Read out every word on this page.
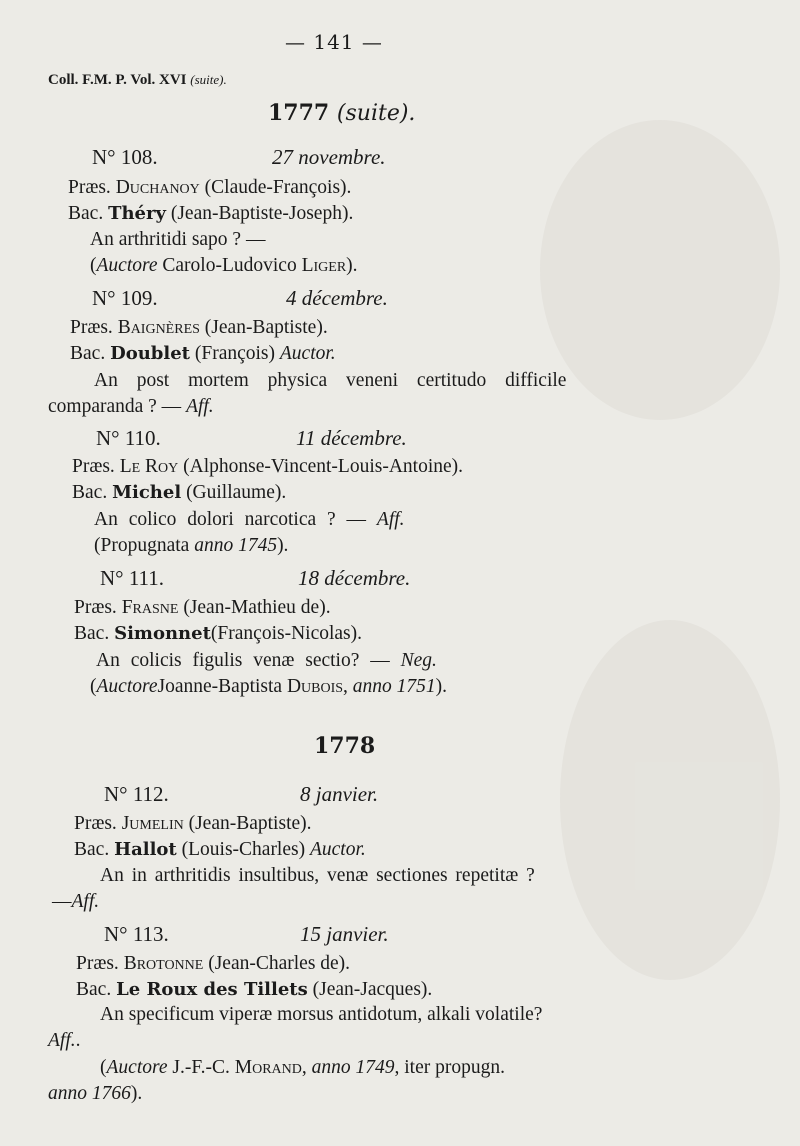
— 141 —
Coll. F.M. P. Vol. XVI (suite).
1777 (suite).
N° 108.	27 novembre.
Præs. Duchanoy (Claude-François).
Bac. Théry (Jean-Baptiste-Joseph).
An arthritidi sapo ? —
(Auctore Carolo-Ludovico Liger).
N° 109.	4 décembre.
Præs. Baignères (Jean-Baptiste).
Bac. Doublet (François) Auctor.
An post mortem physica veneni certitudo difficile
comparanda ? — Aff.
N° 110.	11 décembre.
Præs. Le Roy (Alphonse-Vincent-Louis-Antoine).
Bac. Michel (Guillaume).
An colico dolori narcotica ? — Aff.
(Propugnata anno 1745).
N° 111.	18 décembre.
Præs. Frasne (Jean-Mathieu de).
Bac. Simonnet(François-Nicolas).
An colicis figulis venæ sectio? — Neg.
(AuctoreJoanne-Baptista Dubois, anno 1751).
1778
N° 112.	8 janvier.
Præs. Jumelin (Jean-Baptiste).
Bac. Hallot (Louis-Charles) Auctor.
An in arthritidis insultibus, venæ sectiones repetitæ ?
—Aff.
N° 113.	15 janvier.
Præs. Brotonne (Jean-Charles de).
Bac. Le Roux des Tillets (Jean-Jacques).
An specificum viperæ morsus antidotum, alkali volatile?
Aff..
(Auctore J.-F.-C. Morand, anno 1749, iter propugn.
anno 1766).
